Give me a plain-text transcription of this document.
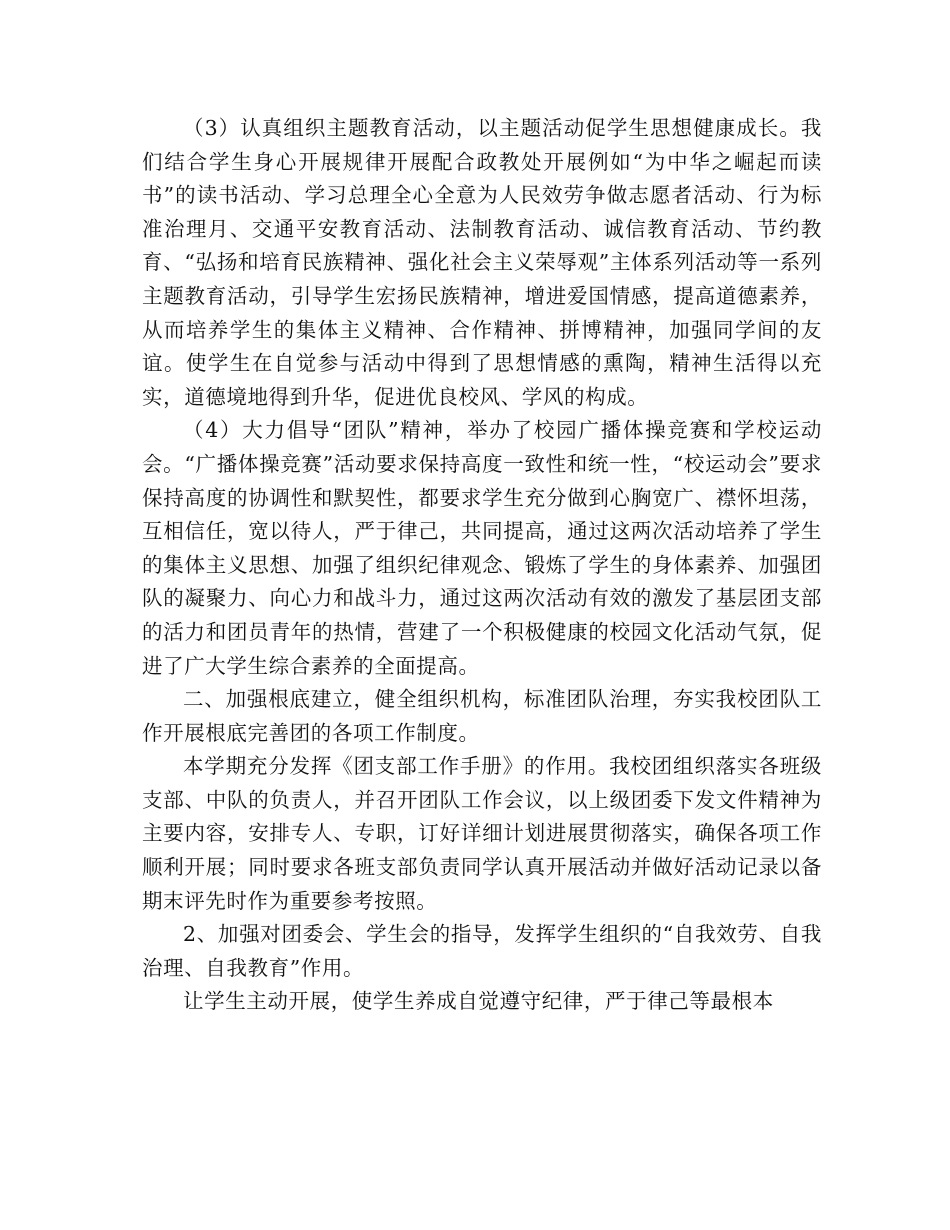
（3）认真组织主题教育活动，以主题活动促学生思想健康成长。我们结合学生身心开展规律开展配合政教处开展例如“为中华之崛起而读书”的读书活动、学习总理全心全意为人民效劳争做志愿者活动、行为标准治理月、交通平安教育活动、法制教育活动、诚信教育活动、节约教育、“弘扬和培育民族精神、强化社会主义荣辱观”主体系列活动等一系列主题教育活动，引导学生宏扬民族精神，增进爱国情感，提高道德素养，从而培养学生的集体主义精神、合作精神、拼博精神，加强同学间的友谊。使学生在自觉参与活动中得到了思想情感的熏陶，精神生活得以充实，道德境地得到升华，促进优良校风、学风的构成。

（4）大力倡导“团队”精神，举办了校园广播体操竞赛和学校运动会。“广播体操竞赛”活动要求保持高度一致性和统一性，“校运动会”要求保持高度的协调性和默契性，都要求学生充分做到心胸宽广、襟怀坦荡，互相信任，宽以待人，严于律己，共同提高，通过这两次活动培养了学生的集体主义思想、加强了组织纪律观念、锻炼了学生的身体素养、加强团队的凝聚力、向心力和战斗力，通过这两次活动有效的激发了基层团支部的活力和团员青年的热情，营建了一个积极健康的校园文化活动气氛，促进了广大学生综合素养的全面提高。

二、加强根底建立，健全组织机构，标准团队治理，夯实我校团队工作开展根底完善团的各项工作制度。

本学期充分发挥《团支部工作手册》的作用。我校团组织落实各班级支部、中队的负责人，并召开团队工作会议，以上级团委下发文件精神为主要内容，安排专人、专职，订好详细计划进展贯彻落实，确保各项工作顺利开展；同时要求各班支部负责同学认真开展活动并做好活动记录以备期末评先时作为重要参考按照。

2、加强对团委会、学生会的指导，发挥学生组织的“自我效劳、自我治理、自我教育”作用。

让学生主动开展，使学生养成自觉遵守纪律，严于律己等最根本
